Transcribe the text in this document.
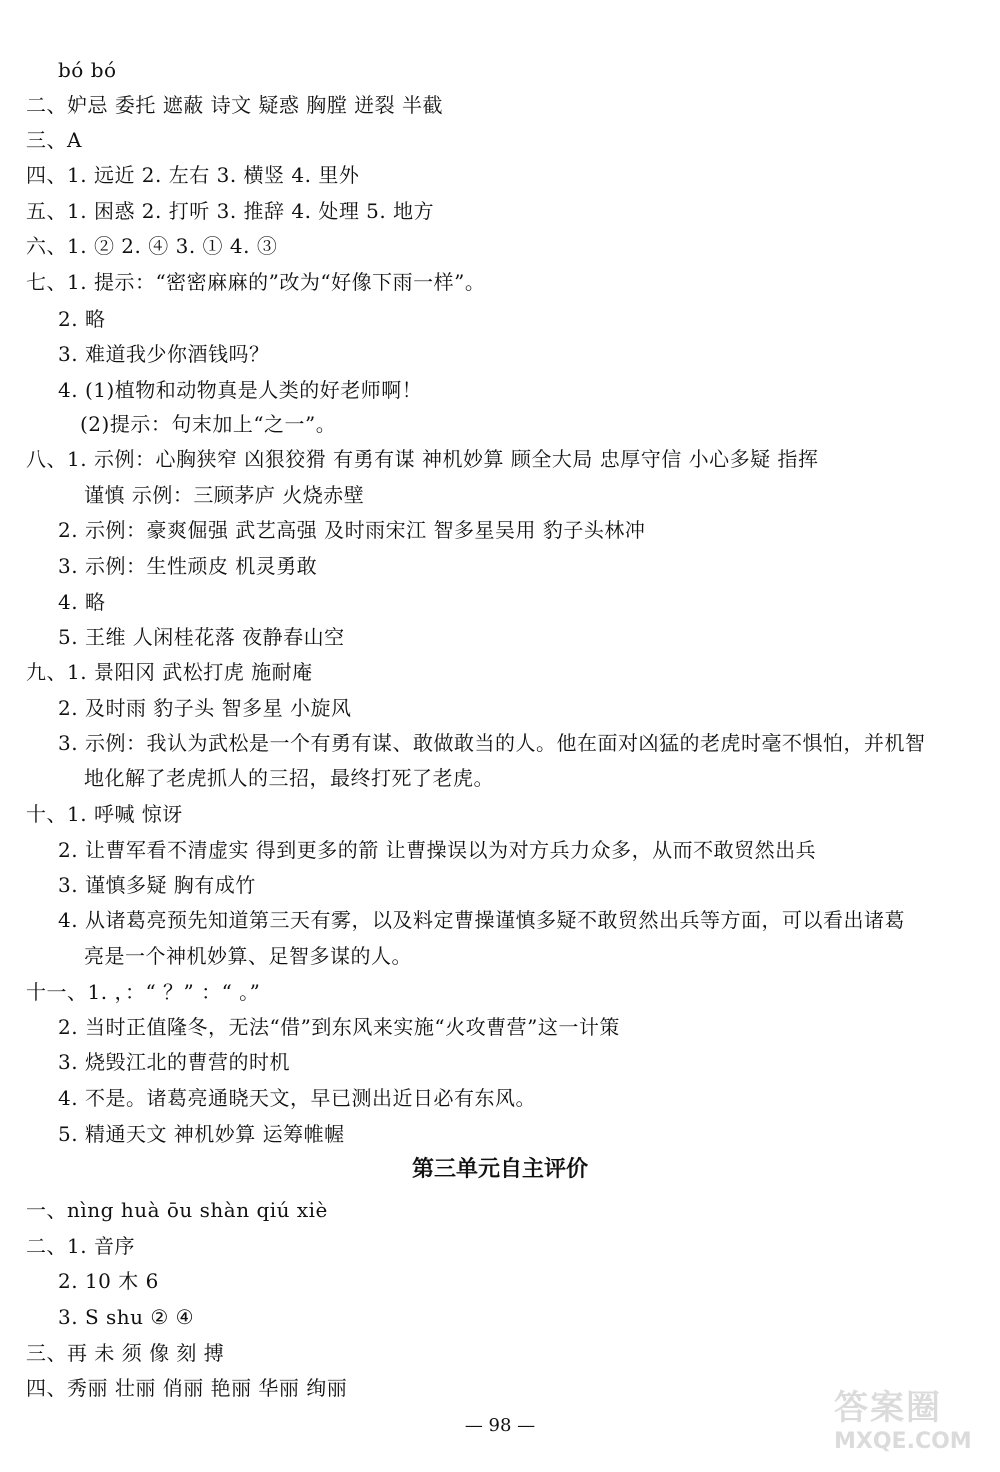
bó bó
二、妒忌 委托 遮蔽 诗文 疑惑 胸膛 迸裂 半截
三、A
四、1. 远近 2. 左右 3. 横竖 4. 里外
五、1. 困惑 2. 打听 3. 推辞 4. 处理 5. 地方
六、1. ② 2. ④ 3. ① 4. ③
七、1. 提示：“密密麻麻的”改为“好像下雨一样”。
2. 略
3. 难道我少你酒钱吗？
4. (1)植物和动物真是人类的好老师啊！
(2)提示：句末加上“之一”。
八、1. 示例：心胸狭窄 凶狠狡猾 有勇有谋 神机妙算 顾全大局 忠厚守信 小心多疑 指挥
谨慎 示例：三顾茅庐 火烧赤壁
2. 示例：豪爽倔强 武艺高强 及时雨宋江 智多星吴用 豹子头林冲
3. 示例：生性顽皮 机灵勇敢
4. 略
5. 王维 人闲桂花落 夜静春山空
九、1. 景阳冈 武松打虎 施耐庵
2. 及时雨 豹子头 智多星 小旋风
3. 示例：我认为武松是一个有勇有谋、敢做敢当的人。他在面对凶猛的老虎时毫不惧怕，并机智
地化解了老虎抓人的三招，最终打死了老虎。
十、1. 呼喊 惊讶
2. 让曹军看不清虚实 得到更多的箭 让曹操误以为对方兵力众多，从而不敢贸然出兵
3. 谨慎多疑 胸有成竹
4. 从诸葛亮预先知道第三天有雾，以及料定曹操谨慎多疑不敢贸然出兵等方面，可以看出诸葛
亮是一个神机妙算、足智多谋的人。
十一、1. ，：“ ？” ：“ 。”
2. 当时正值隆冬，无法“借”到东风来实施“火攻曹营”这一计策
3. 烧毁江北的曹营的时机
4. 不是。诸葛亮通晓天文，早已测出近日必有东风。
5. 精通天文 神机妙算 运筹帷幄
第三单元自主评价
一、nìng huà ōu shàn qiú xiè
二、1. 音序
2. 10 木 6
3. S shu ② ④
三、再 未 须 像 刻 搏
四、秀丽 壮丽 俏丽 艳丽 华丽 绚丽
— 98 —	答案圈
MXQE.COM
